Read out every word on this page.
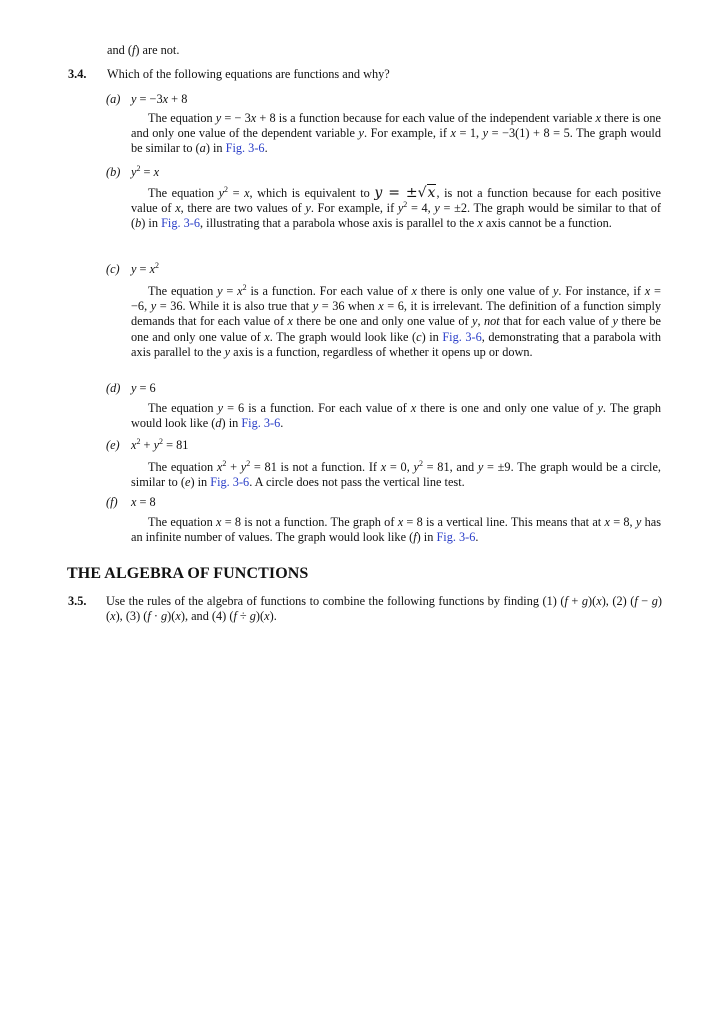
and (f) are not.
3.4. Which of the following equations are functions and why?
(a) y = −3x + 8
The equation y = − 3x + 8 is a function because for each value of the independent variable x there is one and only one value of the dependent variable y. For example, if x = 1, y = −3(1) + 8 = 5. The graph would be similar to (a) in Fig. 3-6.
(b) $y^2 = x$
The equation $y^2 = x$, which is equivalent to y = ±√x, is not a function because for each positive value of x, there are two values of y. For example, if $y^2 = 4$, y = ±2. The graph would be similar to that of (b) in Fig. 3-6, illustrating that a parabola whose axis is parallel to the x axis cannot be a function.
(c) $y = x^2$
The equation $y = x^2$ is a function. For each value of x there is only one value of y. For instance, if x = −6, y = 36. While it is also true that y = 36 when x = 6, it is irrelevant. The definition of a function simply demands that for each value of x there be one and only one value of y, not that for each value of y there be one and only one value of x. The graph would look like (c) in Fig. 3-6, demonstrating that a parabola with axis parallel to the y axis is a function, regardless of whether it opens up or down.
(d) y = 6
The equation y = 6 is a function. For each value of x there is one and only one value of y. The graph would look like (d) in Fig. 3-6.
(e) $x^2 + y^2 = 81$
The equation $x^2 + y^2 = 81$ is not a function. If x = 0, $y^2 = 81$, and y = ±9. The graph would be a circle, similar to (e) in Fig. 3-6. A circle does not pass the vertical line test.
(f) x = 8
The equation x = 8 is not a function. The graph of x = 8 is a vertical line. This means that at x = 8, y has an infinite number of values. The graph would look like (f) in Fig. 3-6.
THE ALGEBRA OF FUNCTIONS
3.5. Use the rules of the algebra of functions to combine the following functions by finding (1) (f + g)(x), (2) (f − g)(x), (3) (f · g)(x), and (4) (f ÷ g)(x).
